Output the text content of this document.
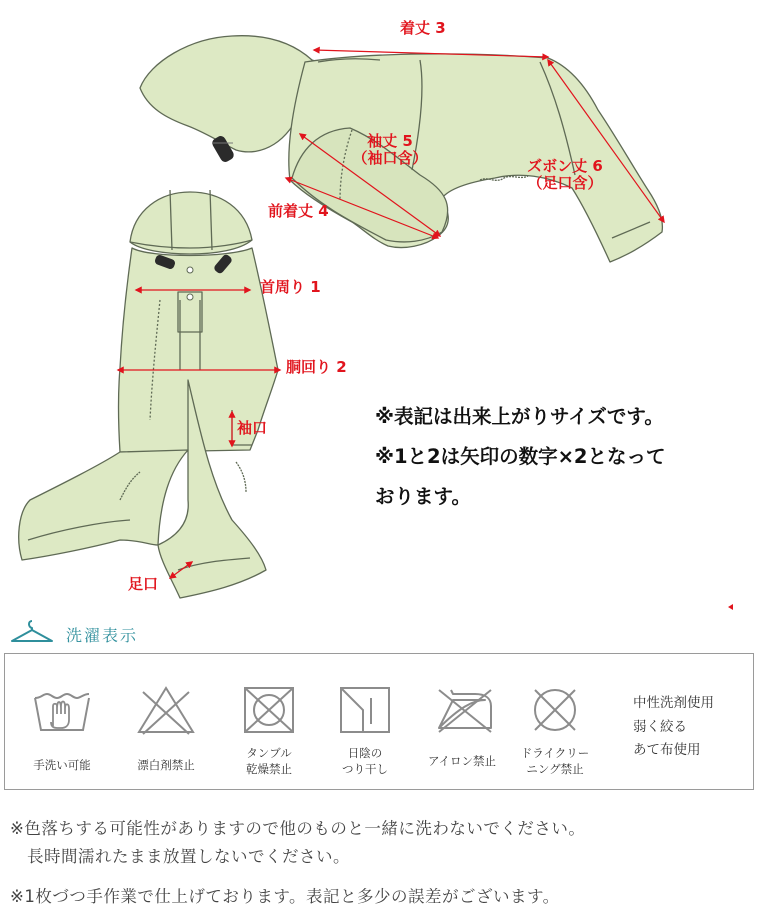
着丈 3
袖丈 5
（袖口含）	ズボン丈 6
（足口含）
前着丈 4
首周り 1
胴回り 2
袖口
足口
※表記は出来上がりサイズです。
※1と2は矢印の数字×2となって
おります。
洗濯表示
手洗い可能	漂白剤禁止
タンブル
乾燥禁止
日陰の
つり干し
アイロン禁止
ドライクリー
ニング禁止
中性洗剤使用
弱く絞る
あて布使用
※色落ちする可能性がありますので他のものと一緒に洗わないでください。
　長時間濡れたまま放置しないでください。
※1枚づつ手作業で仕上げております。表記と多少の誤差がございます。
